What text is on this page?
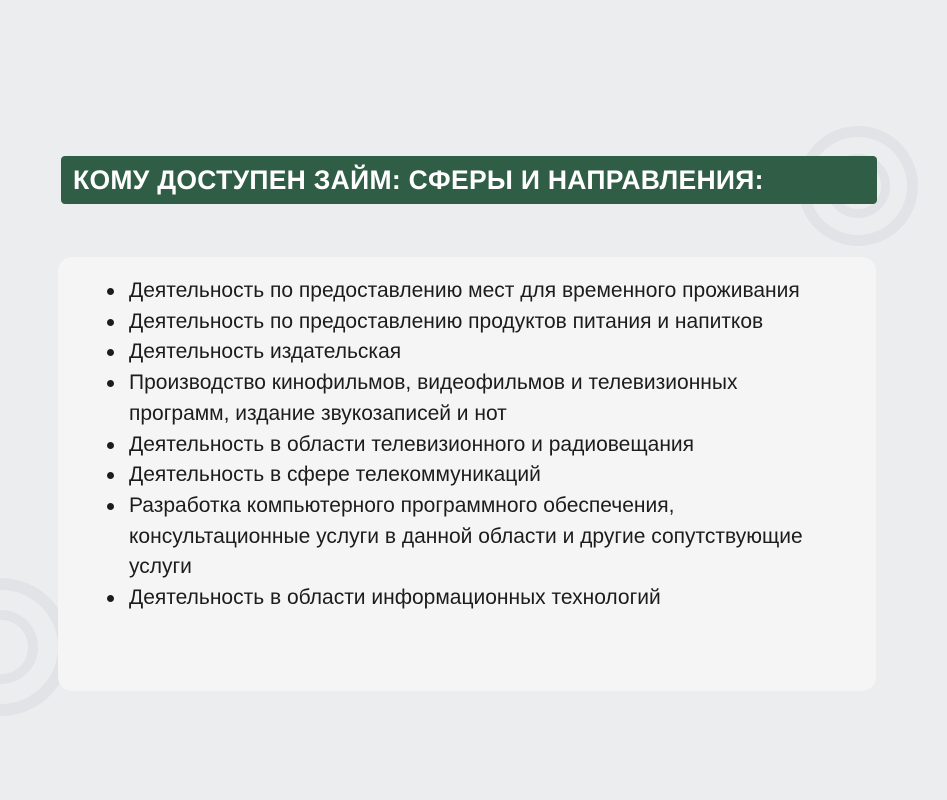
КОМУ ДОСТУПЕН ЗАЙМ: СФЕРЫ И НАПРАВЛЕНИЯ:
Деятельность по предоставлению мест для временного проживания
Деятельность по предоставлению продуктов питания и напитков
Деятельность издательская
Производство кинофильмов, видеофильмов и телевизионных программ, издание звукозаписей и нот
Деятельность в области телевизионного и радиовещания
Деятельность в сфере телекоммуникаций
Разработка компьютерного программного обеспечения, консультационные услуги в данной области и другие сопутствующие услуги
Деятельность в области информационных технологий
